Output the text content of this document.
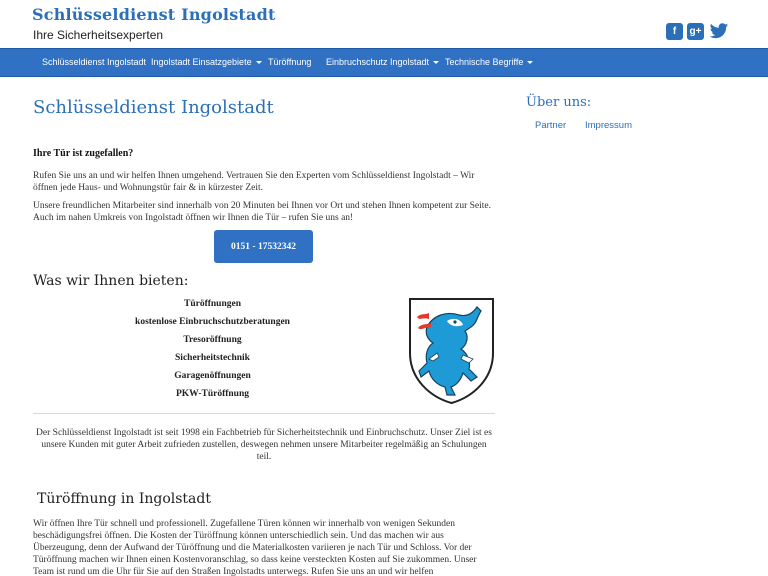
Schlüsseldienst Ingolstadt
Ihre Sicherheitsexperten	f	g+
Schlüsseldienst Ingolstadt Ingolstadt Einsatzgebiete	Türöffnung Einbruchschutz Ingolstadt	Technische Begriffe
Schlüsseldienst Ingolstadt
Ihre Tür ist zugefallen?
Rufen Sie uns an und wir helfen Ihnen umgehend. Vertrauen Sie den Experten vom Schlüsseldienst Ingolstadt – Wir öffnen jede Haus- und Wohnungstür fair & in kürzester Zeit.
Unsere freundlichen Mitarbeiter sind innerhalb von 20 Minuten bei Ihnen vor Ort und stehen Ihnen kompetent zur Seite. Auch im nahen Umkreis von Ingolstadt öffnen wir Ihnen die Tür – rufen Sie uns an!
0151 - 17532342
Was wir Ihnen bieten:
Türöffnungen
kostenlose Einbruchschutzberatungen
Tresoröffnung
Sicherheitstechnik
Garagenöffnungen
PKW-Türöffnung
Der Schlüsseldienst Ingolstadt ist seit 1998 ein Fachbetrieb für Sicherheitstechnik und Einbruchschutz. Unser Ziel ist es unsere Kunden mit guter Arbeit zufrieden zustellen, deswegen nehmen unsere Mitarbeiter regelmäßig an Schulungen teil.
Türöffnung in Ingolstadt
Wir öffnen Ihre Tür schnell und professionell. Zugefallene Türen können wir innerhalb von wenigen Sekunden beschädigungsfrei öffnen. Die Kosten der Türöffnung können unterschiedlich sein. Und das machen wir aus Überzeugung, denn der Aufwand der Türöffnung und die Materialkosten variieren je nach Tür und Schloss. Vor der Türöffnung machen wir Ihnen einen Kostenvoranschlag, so dass keine versteckten Kosten auf Sie zukommen. Unser Team ist rund um die Uhr für Sie auf den Straßen Ingolstadts unterwegs. Rufen Sie uns an und wir helfen
Über uns:
Partner Impressum
